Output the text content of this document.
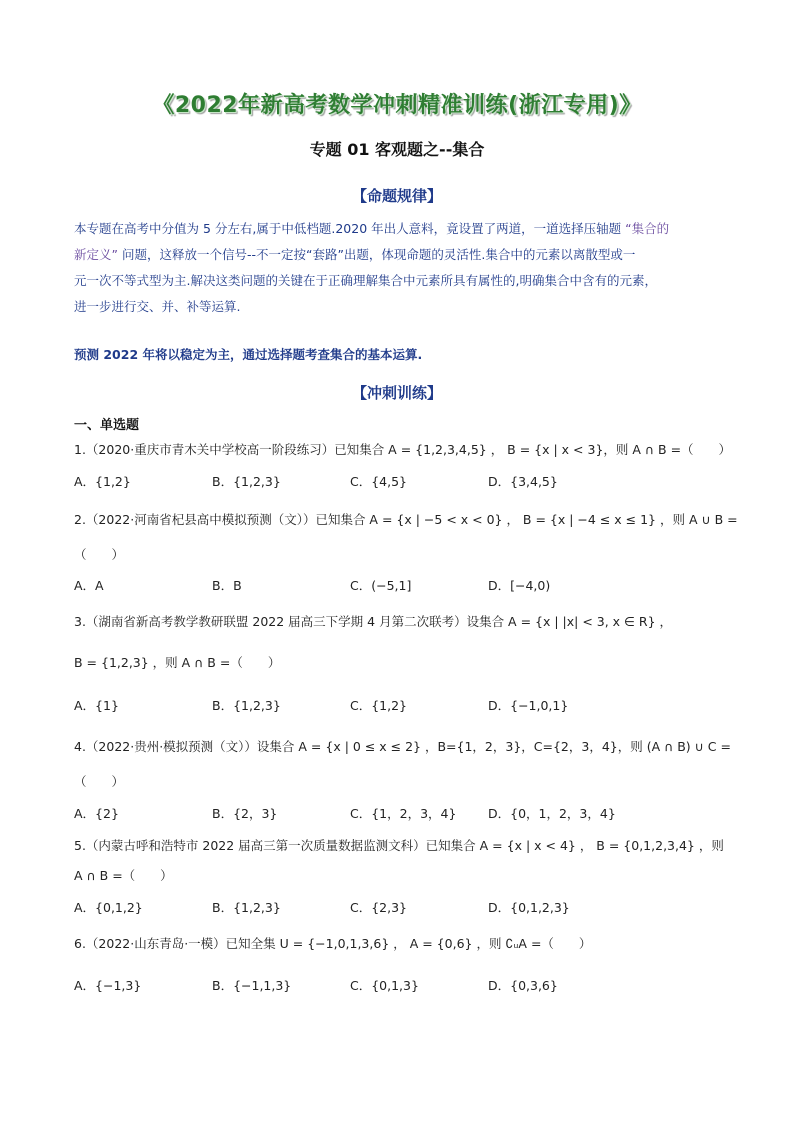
《2022年新高考数学冲刺精准训练(浙江专用)》
专题 01 客观题之--集合
【命题规律】
本专题在高考中分值为 5 分左右,属于中低档题.2020 年出人意料，竟设置了两道，一道选择压轴题 “集合的
新定义” 问题，这释放一个信号--不一定按“套路”出题，体现命题的灵活性.集合中的元素以离散型或一
元一次不等式型为主.解决这类问题的关键在于正确理解集合中元素所具有属性的,明确集合中含有的元素，
进一步进行交、并、补等运算.
预测 2022 年将以稳定为主，通过选择题考查集合的基本运算.
【冲刺训练】
一、单选题
1.（2020·重庆市青木关中学校高一阶段练习）已知集合 A = {1,2,3,4,5} ， B = {x | x < 3}，则 A ∩ B =（　　）
A．{1,2}	B．{1,2,3}	C．{4,5}	D．{3,4,5}
2.（2022·河南省杞县高中模拟预测（文））已知集合 A = {x | −5 < x < 0} ， B = {x | −4 ≤ x ≤ 1} ，则 A ∪ B =
（　　）
A．A	B．B	C．(−5,1]	D．[−4,0)
3.（湖南省新高考教学教研联盟 2022 届高三下学期 4 月第二次联考）设集合 A = {x | |x| < 3, x ∈ R} ，
B = {1,2,3} ，则 A ∩ B =（　　）
A．{1}	B．{1,2,3}	C．{1,2}	D．{−1,0,1}
4.（2022·贵州·模拟预测（文））设集合 A = {x | 0 ≤ x ≤ 2} ，B={1，2，3}，C={2，3，4}，则 (A ∩ B) ∪ C =
（　　）
A．{2}	B．{2，3}	C．{1，2，3，4}	D．{0，1，2，3，4}
5.（内蒙古呼和浩特市 2022 届高三第一次质量数据监测文科）已知集合 A = {x | x < 4} ， B = {0,1,2,3,4} ，则
A ∩ B =（　　）
A．{0,1,2}	B．{1,2,3}	C．{2,3}	D．{0,1,2,3}
6.（2022·山东青岛·一模）已知全集 U = {−1,0,1,3,6} ， A = {0,6} ，则 ∁ᵤA =（　　）
A．{−1,3}	B．{−1,1,3}	C．{0,1,3}	D．{0,3,6}
